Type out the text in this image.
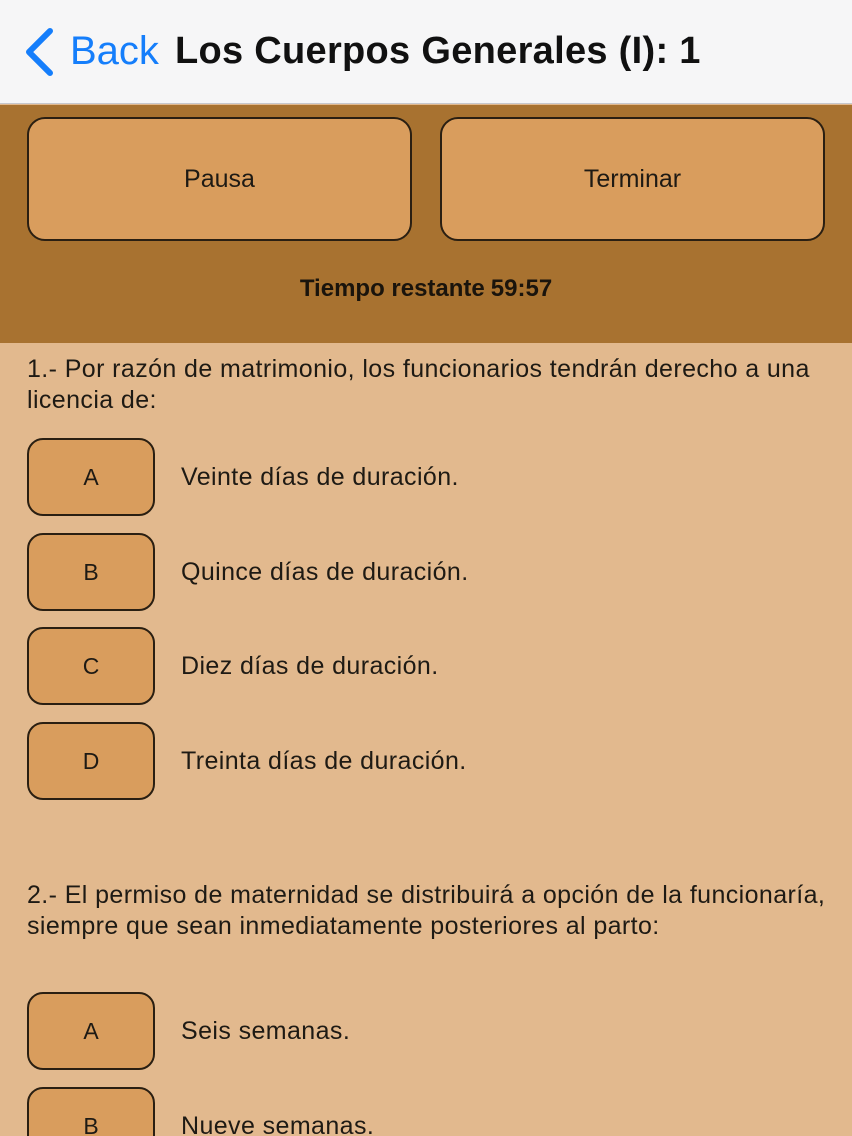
Back Los Cuerpos Generales (I): 1
Pausa	Terminar
Tiempo restante 59:57
1.- Por razón de matrimonio, los funcionarios tendrán derecho a una licencia de:
A	Veinte días de duración.
B	Quince días de duración.
C	Diez días de duración.
D	Treinta días de duración.
2.- El permiso de maternidad se distribuirá a opción de la funcionaría, siempre que sean inmediatamente posteriores al parto:
A	Seis semanas.
B	Nueve semanas.
